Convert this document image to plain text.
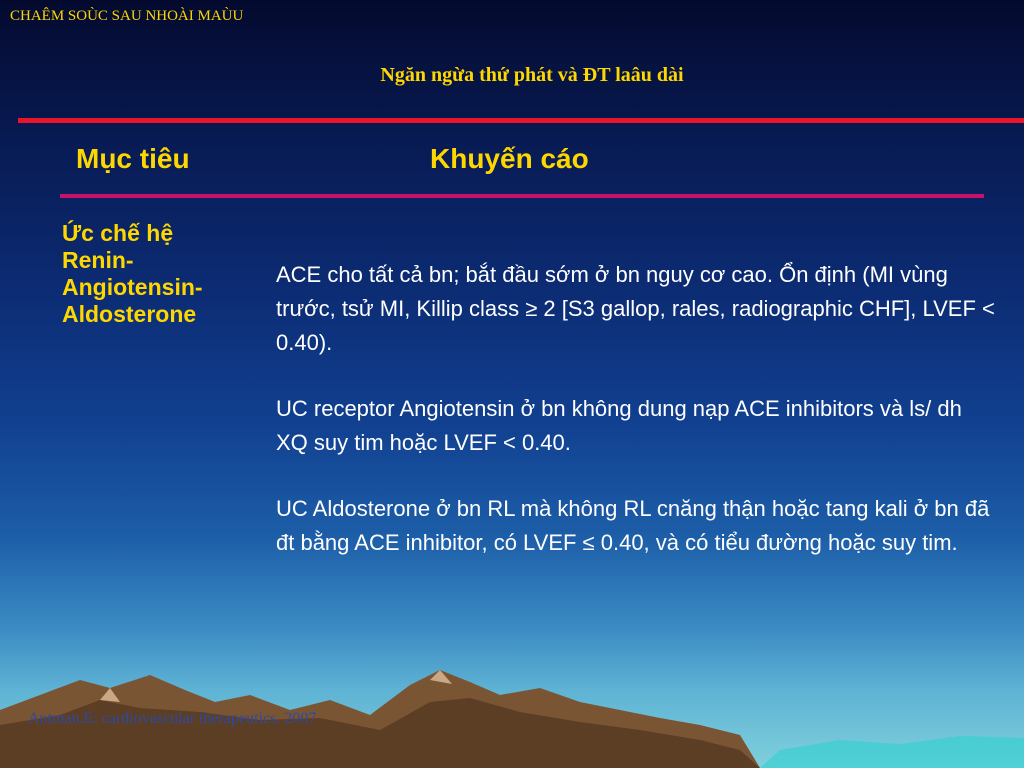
CHAÊM SOÙC SAU NHOÀI MAÙU
Ngăn ngừa thứ phát và ĐT laâu dài
Mục tiêu	Khuyến cáo
Ức chế hệ
Renin-
Angiotensin-
Aldosterone

ACE cho tất cả bn; bắt đầu sớm ở bn nguy cơ cao. Ổn định (MI vùng trước, tsử MI, Killip class ≥ 2 [S3 gallop, rales, radiographic CHF], LVEF < 0.40).

UC receptor Angiotensin ở bn không dung nạp ACE inhibitors và ls/ dh XQ suy tim hoặc LVEF < 0.40.

UC Aldosterone ở bn RL mà không RL cnăng thận hoặc tang kali ở bn đã đt bằng ACE inhibitor, có LVEF ≤ 0.40, và có tiểu đường hoặc suy tim.

Antman.E: cardiovascular therapeutics. 2007
